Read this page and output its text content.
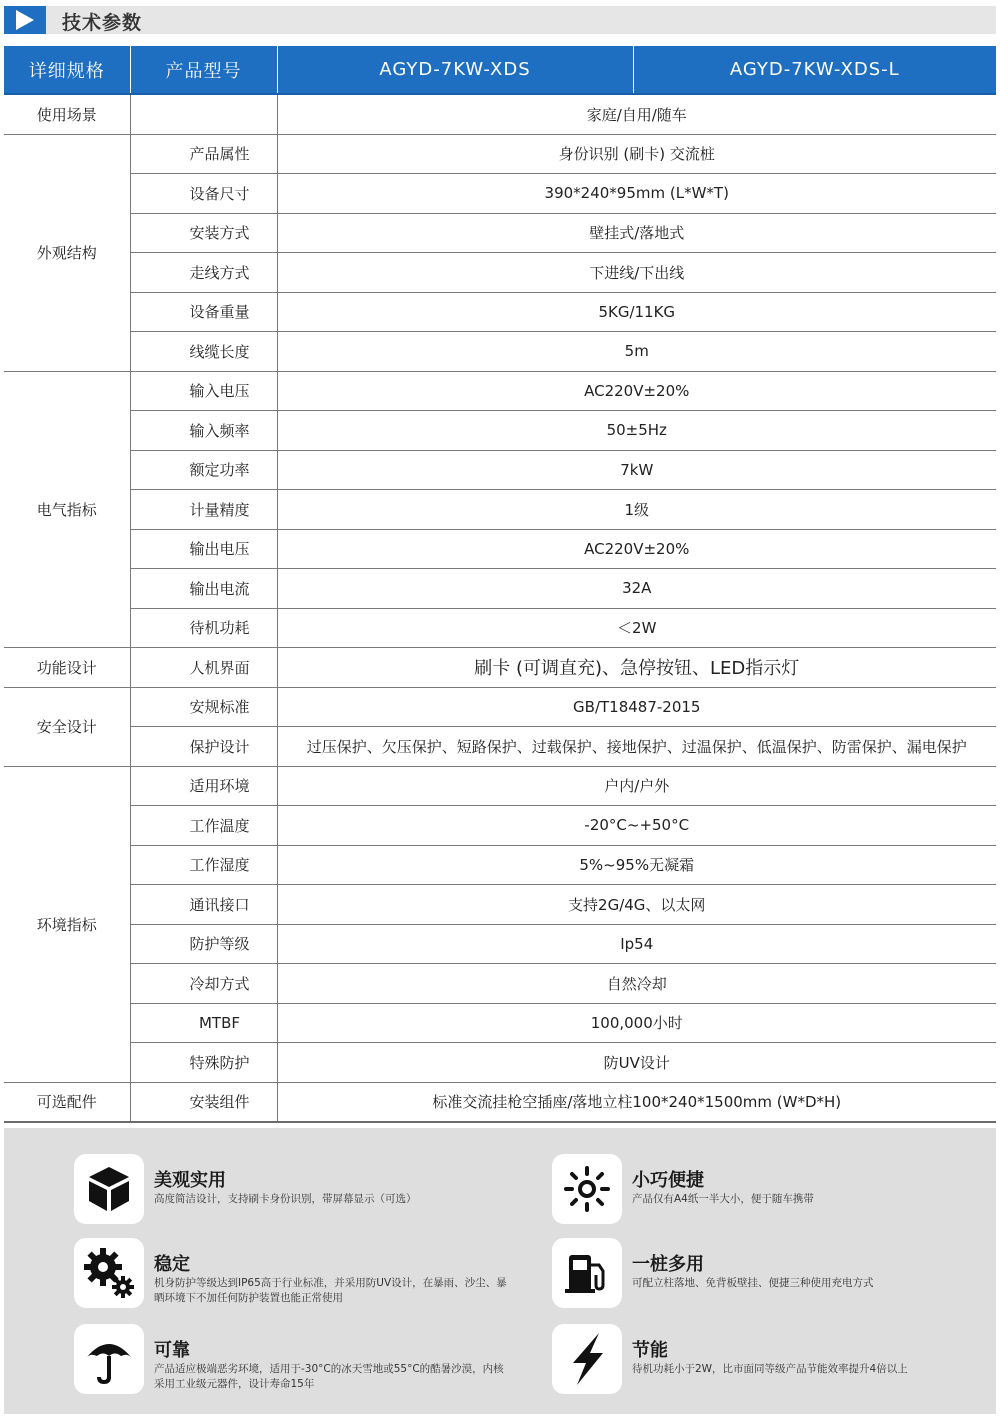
技术参数
详细规格	产品型号	AGYD-7KW-XDS	AGYD-7KW-XDS-L
使用场景		家庭/自用/随车	
外观结构	产品属性	身份识别 (刷卡) 交流桩	
	设备尺寸	390*240*95mm (L*W*T)	
	安装方式	壁挂式/落地式	
	走线方式	下进线/下出线	
	设备重量	5KG/11KG	
	线缆长度	5m	
电气指标	输入电压	AC220V±20%	
	输入频率	50±5Hz	
	额定功率	7kW	
	计量精度	1级	
	输出电压	AC220V±20%	
	输出电流	32A	
	待机功耗	＜2W	
功能设计	人机界面	刷卡 (可调直充)、急停按钮、LED指示灯	
安全设计	安规标准	GB/T18487-2015	
	保护设计	过压保护、欠压保护、短路保护、过载保护、接地保护、过温保护、低温保护、防雷保护、漏电保护	
环境指标	适用环境	户内/户外	
	工作温度	-20°C~+50°C	
	工作湿度	5%~95%无凝霜	
	通讯接口	支持2G/4G、以太网	
	防护等级	Ip54	
	冷却方式	自然冷却	
	MTBF	100,000小时	
	特殊防护	防UV设计	
可选配件	安装组件	标准交流挂枪空插座/落地立柱100*240*1500mm (W*D*H)	
美观实用
高度简洁设计，支持刷卡身份识别，带屏幕显示（可选）
小巧便捷
产品仅有A4纸一半大小，便于随车携带
稳定
机身防护等级达到IP65高于行业标准，并采用防UV设计，在暴雨、沙尘、暴晒环境下不加任何防护装置也能正常使用
一桩多用
可配立柱落地、免背板壁挂、便捷三种使用充电方式
可靠
产品适应极端恶劣环境，适用于-30°C的冰天雪地或55°C的酷暑沙漠，内核采用工业级元器件，设计寿命15年
节能
待机功耗小于2W，比市面同等级产品节能效率提升4倍以上
